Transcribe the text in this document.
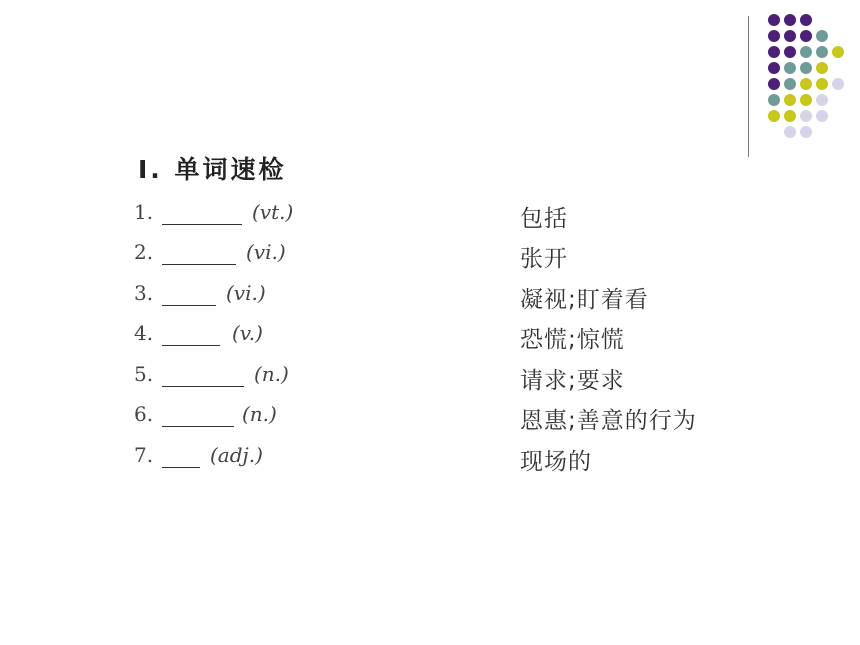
Ⅰ. 单词速检
1.	(vt.)	包括
2.	(vi.)	张开
3.	(vi.)	凝视;盯着看
4.	(v.)	恐慌;惊慌
5.	(n.)	请求;要求
6.	(n.)	恩惠;善意的行为
7.	(adj.)	现场的
